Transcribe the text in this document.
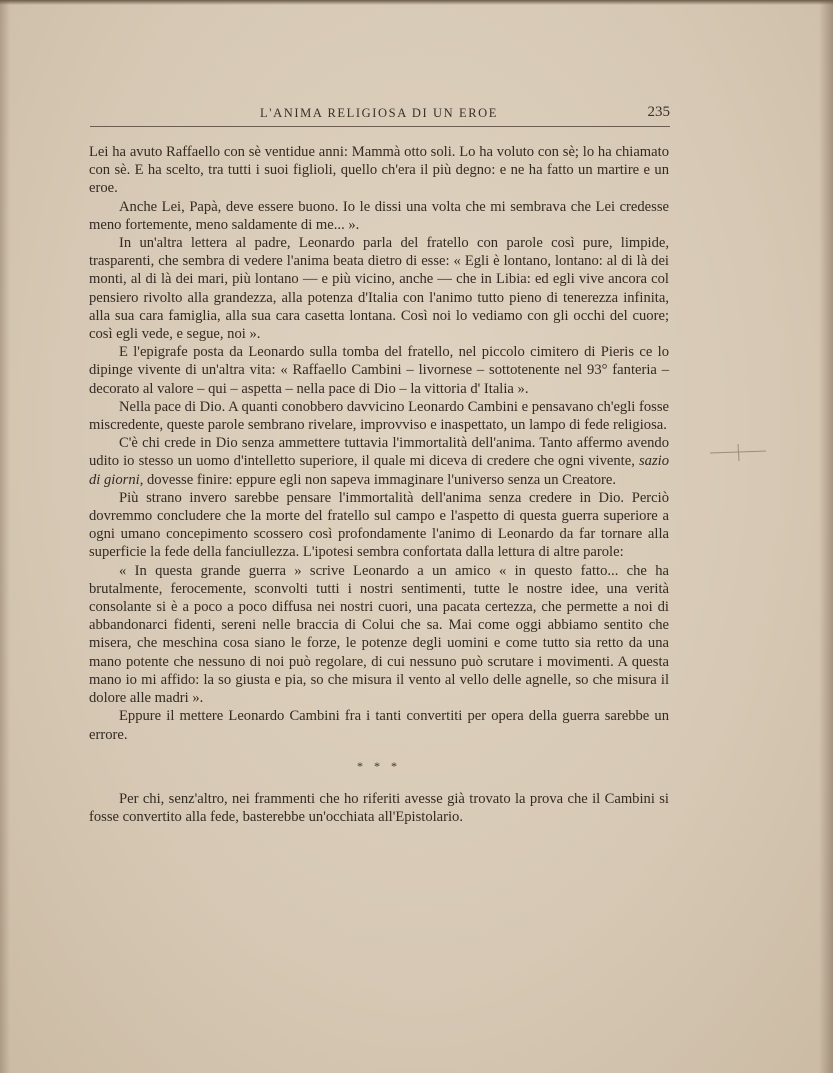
L'ANIMA RELIGIOSA DI UN EROE	235

Lei ha avuto Raffaello con sè ventidue anni: Mammà otto soli. Lo ha voluto con sè; lo ha chiamato con sè. E ha scelto, tra tutti i suoi figlioli, quello ch'era il più degno: e ne ha fatto un martire e un eroe.

Anche Lei, Papà, deve essere buono. Io le dissi una volta che mi sembrava che Lei credesse meno fortemente, meno saldamente di me... ».

In un'altra lettera al padre, Leonardo parla del fratello con parole così pure, limpide, trasparenti, che sembra di vedere l'anima beata dietro di esse: « Egli è lontano, lontano: al di là dei monti, al di là dei mari, più lontano — e più vicino, anche — che in Libia: ed egli vive ancora col pensiero rivolto alla grandezza, alla potenza d'Italia con l'animo tutto pieno di tenerezza infinita, alla sua cara famiglia, alla sua cara casetta lontana. Così noi lo vediamo con gli occhi del cuore; così egli vede, e segue, noi ».

E l'epigrafe posta da Leonardo sulla tomba del fratello, nel piccolo cimitero di Pieris ce lo dipinge vivente di un'altra vita: « Raffaello Cambini – livornese – sottotenente nel 93° fanteria – decorato al valore – qui – aspetta – nella pace di Dio – la vittoria d' Italia ».

Nella pace di Dio. A quanti conobbero davvicino Leonardo Cambini e pensavano ch'egli fosse miscredente, queste parole sembrano rivelare, improvviso e inaspettato, un lampo di fede religiosa.

C'è chi crede in Dio senza ammettere tuttavia l'immortalità dell'anima. Tanto affermo avendo udito io stesso un uomo d'intelletto superiore, il quale mi diceva di credere che ogni vivente, sazio di giorni, dovesse finire: eppure egli non sapeva immaginare l'universo senza un Creatore.

Più strano invero sarebbe pensare l'immortalità dell'anima senza credere in Dio. Perciò dovremmo concludere che la morte del fratello sul campo e l'aspetto di questa guerra superiore a ogni umano concepimento scossero così profondamente l'animo di Leonardo da far tornare alla superficie la fede della fanciullezza. L'ipotesi sembra confortata dalla lettura di altre parole:

« In questa grande guerra » scrive Leonardo a un amico « in questo fatto... che ha brutalmente, ferocemente, sconvolti tutti i nostri sentimenti, tutte le nostre idee, una verità consolante si è a poco a poco diffusa nei nostri cuori, una pacata certezza, che permette a noi di abbandonarci fidenti, sereni nelle braccia di Colui che sa. Mai come oggi abbiamo sentito che misera, che meschina cosa siano le forze, le potenze degli uomini e come tutto sia retto da una mano potente che nessuno di noi può regolare, di cui nessuno può scrutare i movimenti. A questa mano io mi affido: la so giusta e pia, so che misura il vento al vello delle agnelle, so che misura il dolore alle madri ».

Eppure il mettere Leonardo Cambini fra i tanti convertiti per opera della guerra sarebbe un errore.

* * *

Per chi, senz'altro, nei frammenti che ho riferiti avesse già trovato la prova che il Cambini si fosse convertito alla fede, basterebbe un'occhiata all'Epistolario.
